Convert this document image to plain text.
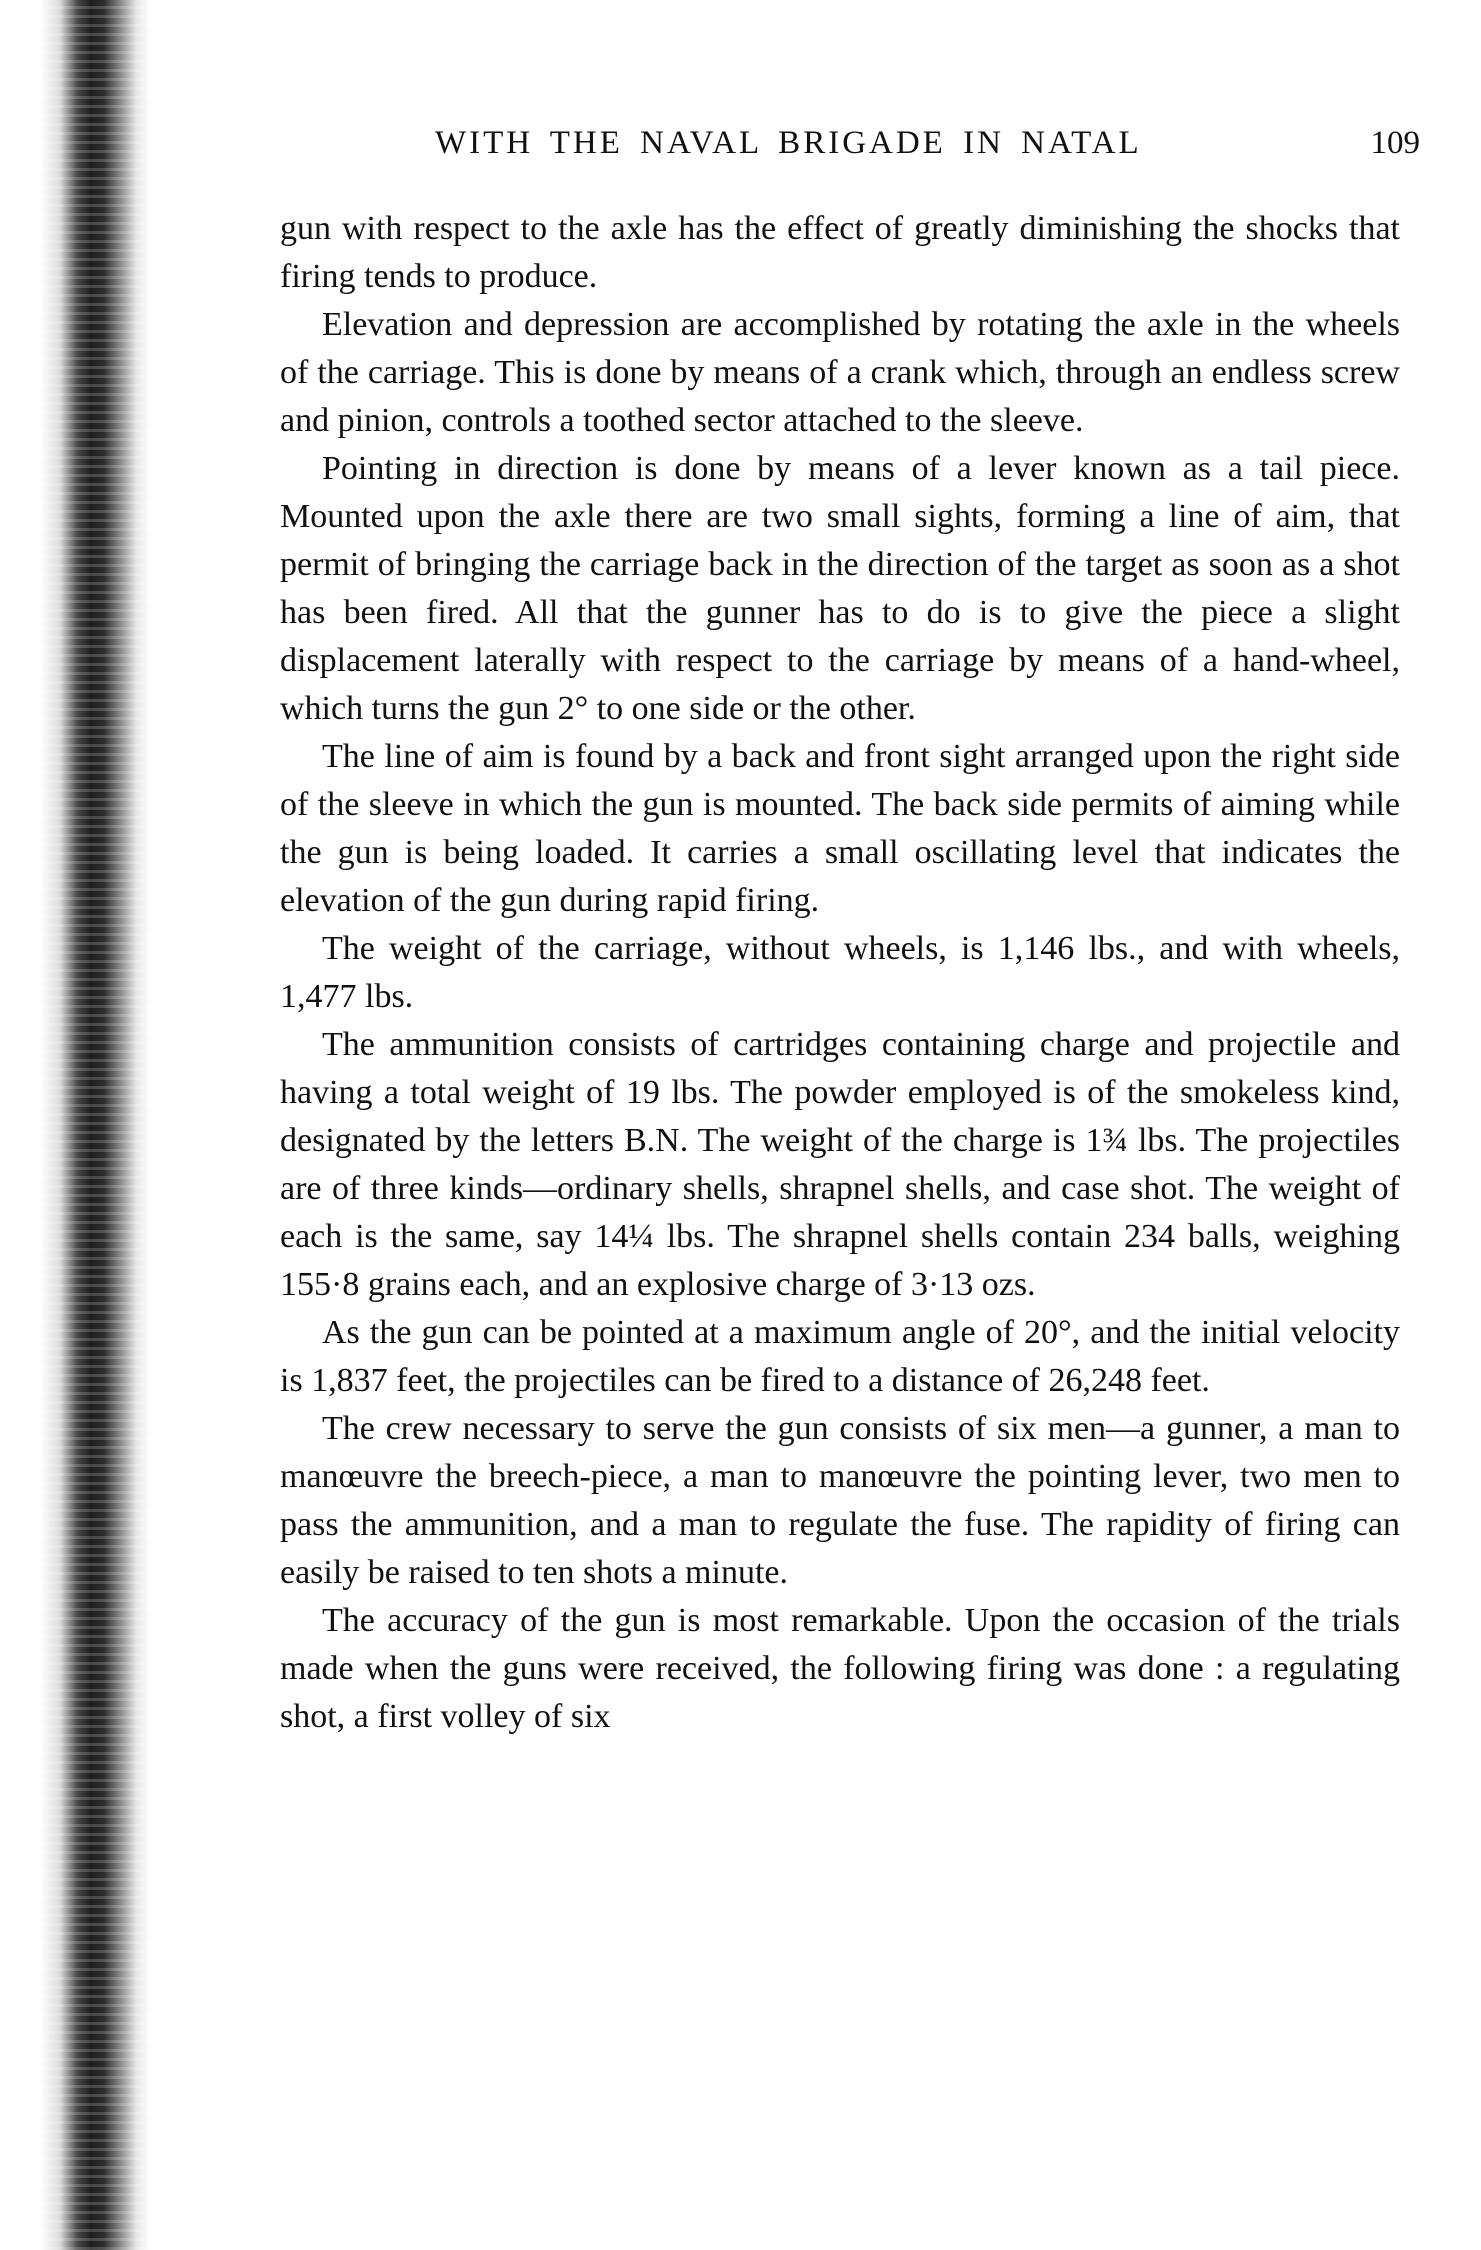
WITH THE NAVAL BRIGADE IN NATAL	109

gun with respect to the axle has the effect of greatly diminishing the shocks that firing tends to produce.

Elevation and depression are accomplished by rotating the axle in the wheels of the carriage. This is done by means of a crank which, through an endless screw and pinion, controls a toothed sector attached to the sleeve.

Pointing in direction is done by means of a lever known as a tail piece. Mounted upon the axle there are two small sights, forming a line of aim, that permit of bringing the carriage back in the direction of the target as soon as a shot has been fired. All that the gunner has to do is to give the piece a slight displacement laterally with respect to the carriage by means of a hand-wheel, which turns the gun 2° to one side or the other.

The line of aim is found by a back and front sight arranged upon the right side of the sleeve in which the gun is mounted. The back side permits of aiming while the gun is being loaded. It carries a small oscillating level that indicates the elevation of the gun during rapid firing.

The weight of the carriage, without wheels, is 1,146 lbs., and with wheels, 1,477 lbs.

The ammunition consists of cartridges containing charge and projectile and having a total weight of 19 lbs. The powder employed is of the smokeless kind, designated by the letters B.N. The weight of the charge is 1¾ lbs. The projectiles are of three kinds—ordinary shells, shrapnel shells, and case shot. The weight of each is the same, say 14¼ lbs. The shrapnel shells contain 234 balls, weighing 155·8 grains each, and an explosive charge of 3·13 ozs.

As the gun can be pointed at a maximum angle of 20°, and the initial velocity is 1,837 feet, the projectiles can be fired to a distance of 26,248 feet.

The crew necessary to serve the gun consists of six men—a gunner, a man to manœuvre the breech-piece, a man to manœuvre the pointing lever, two men to pass the ammunition, and a man to regulate the fuse. The rapidity of firing can easily be raised to ten shots a minute.

The accuracy of the gun is most remarkable. Upon the occasion of the trials made when the guns were received, the following firing was done : a regulating shot, a first volley of six
